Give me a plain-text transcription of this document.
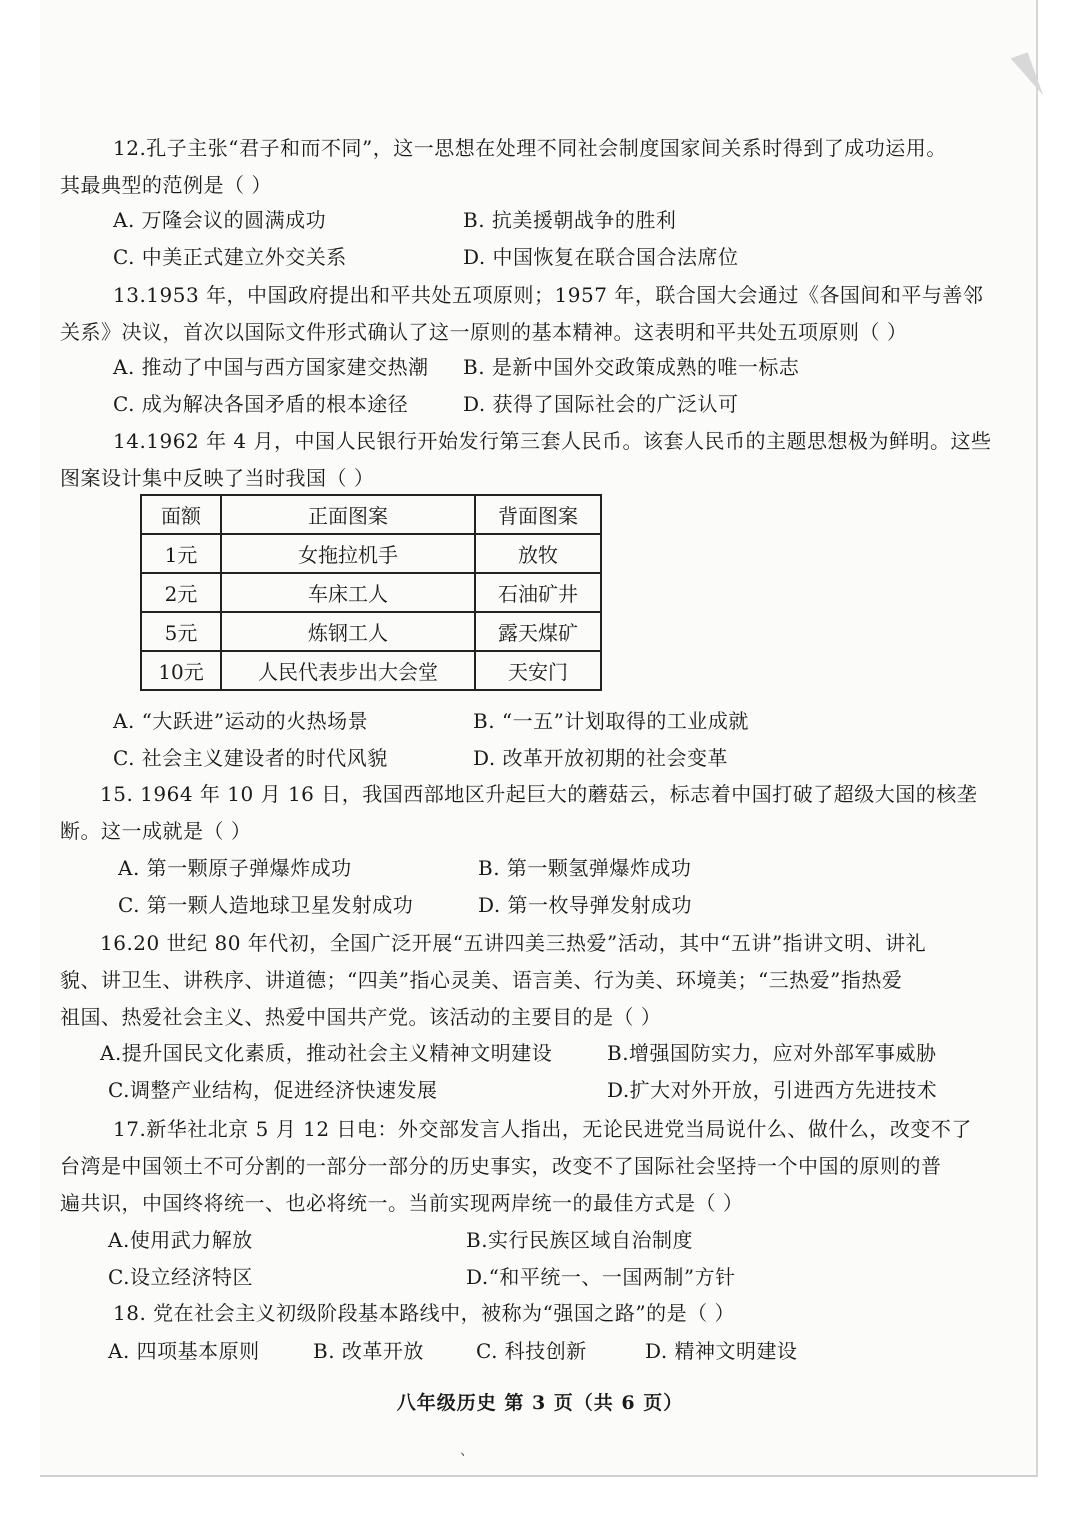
12.孔子主张“君子和而不同”，这一思想在处理不同社会制度国家间关系时得到了成功运用。
其最典型的范例是（ ）
A. 万隆会议的圆满成功	B. 抗美援朝战争的胜利
C. 中美正式建立外交关系	D. 中国恢复在联合国合法席位
13.1953 年，中国政府提出和平共处五项原则；1957 年，联合国大会通过《各国间和平与善邻
关系》决议，首次以国际文件形式确认了这一原则的基本精神。这表明和平共处五项原则（ ）
A. 推动了中国与西方国家建交热潮 B. 是新中国外交政策成熟的唯一标志
C. 成为解决各国矛盾的根本途径	D. 获得了国际社会的广泛认可
14.1962 年 4 月，中国人民银行开始发行第三套人民币。该套人民币的主题思想极为鲜明。这些
图案设计集中反映了当时我国（ ）
面额	正面图案	背面图案
1元	女拖拉机手	放牧
2元	车床工人	石油矿井
5元	炼钢工人	露天煤矿
10元	人民代表步出大会堂	天安门
A. “大跃进”运动的火热场景	B. “一五”计划取得的工业成就
C. 社会主义建设者的时代风貌	D. 改革开放初期的社会变革
15. 1964 年 10 月 16 日，我国西部地区升起巨大的蘑菇云，标志着中国打破了超级大国的核垄
断。这一成就是（ ）
A. 第一颗原子弹爆炸成功	B. 第一颗氢弹爆炸成功
C. 第一颗人造地球卫星发射成功	D. 第一枚导弹发射成功
16.20 世纪 80 年代初，全国广泛开展“五讲四美三热爱”活动，其中“五讲”指讲文明、讲礼
貌、讲卫生、讲秩序、讲道德；“四美”指心灵美、语言美、行为美、环境美；“三热爱”指热爱
祖国、热爱社会主义、热爱中国共产党。该活动的主要目的是（ ）
A.提升国民文化素质，推动社会主义精神文明建设	B.增强国防实力，应对外部军事威胁
C.调整产业结构，促进经济快速发展	D.扩大对外开放，引进西方先进技术
17.新华社北京 5 月 12 日电：外交部发言人指出，无论民进党当局说什么、做什么，改变不了
台湾是中国领土不可分割的一部分一部分的历史事实，改变不了国际社会坚持一个中国的原则的普
遍共识，中国终将统一、也必将统一。当前实现两岸统一的最佳方式是（ ）
A.使用武力解放	B.实行民族区域自治制度
C.设立经济特区	D.“和平统一、一国两制”方针
18. 党在社会主义初级阶段基本路线中，被称为“强国之路”的是（ ）
A. 四项基本原则	B. 改革开放	C. 科技创新	D. 精神文明建设
八年级历史 第 3 页（共 6 页）
、
